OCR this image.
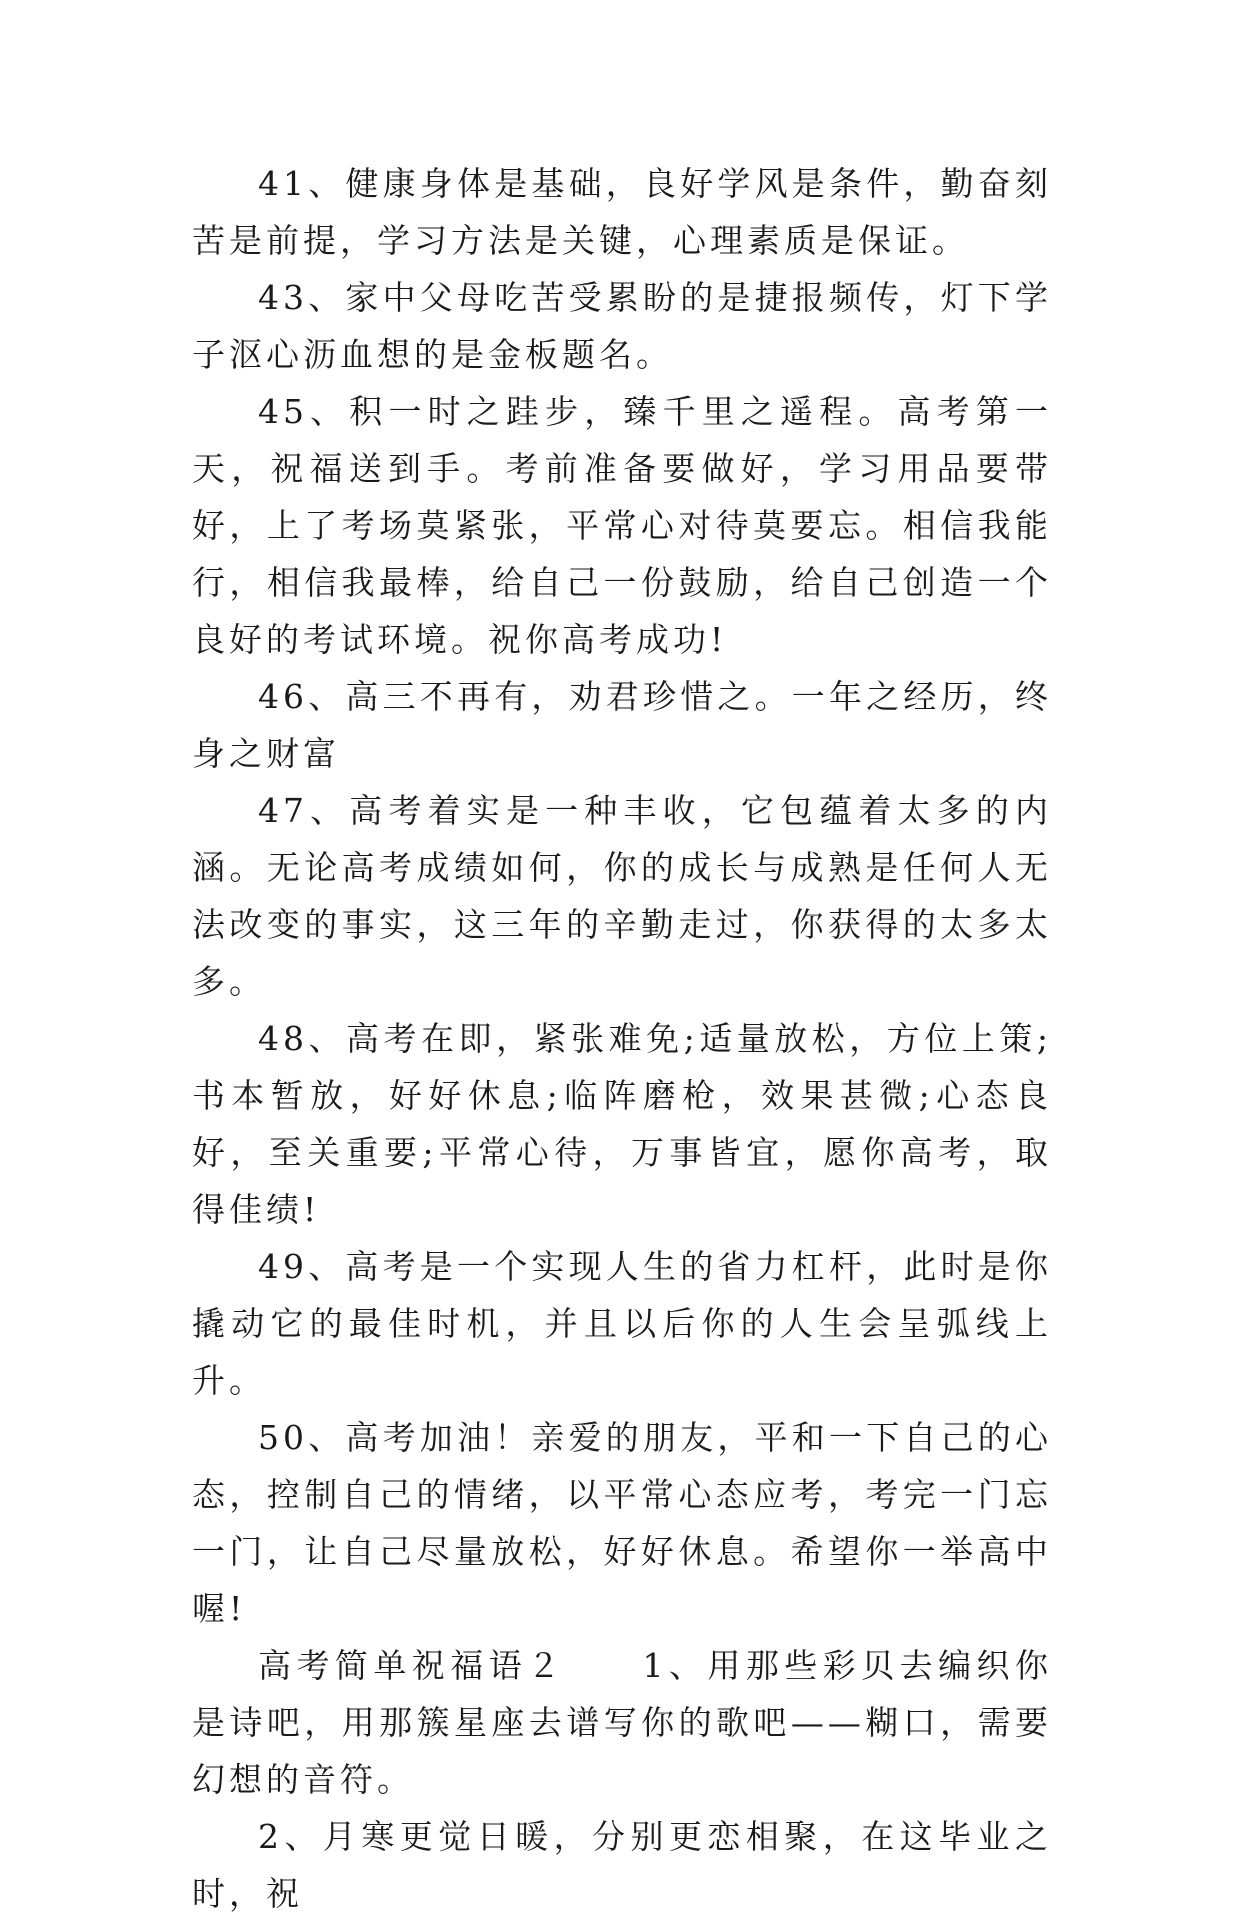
41、健康身体是基础，良好学风是条件，勤奋刻苦是前提，学习方法是关键，心理素质是保证。

43、家中父母吃苦受累盼的是捷报频传，灯下学子沤心沥血想的是金板题名。

45、积一时之跬步，臻千里之遥程。高考第一天，祝福送到手。考前准备要做好，学习用品要带好，上了考场莫紧张，平常心对待莫要忘。相信我能行，相信我最棒，给自己一份鼓励，给自己创造一个良好的考试环境。祝你高考成功!

46、高三不再有，劝君珍惜之。一年之经历，终身之财富

47、高考着实是一种丰收，它包蕴着太多的内涵。无论高考成绩如何，你的成长与成熟是任何人无法改变的事实，这三年的辛勤走过，你获得的太多太多。

48、高考在即，紧张难免;适量放松，方位上策;书本暂放，好好休息;临阵磨枪，效果甚微;心态良好，至关重要;平常心待，万事皆宜，愿你高考，取得佳绩!

49、高考是一个实现人生的省力杠杆，此时是你撬动它的最佳时机，并且以后你的人生会呈弧线上升。

50、高考加油！亲爱的朋友，平和一下自己的心态，控制自己的情绪，以平常心态应考，考完一门忘一门，让自己尽量放松，好好休息。希望你一举高中喔!

高考简单祝福语２　　1、用那些彩贝去编织你是诗吧，用那簇星座去谱写你的歌吧——糊口，需要幻想的音符。

2、月寒更觉日暖，分别更恋相聚，在这毕业之时，祝
